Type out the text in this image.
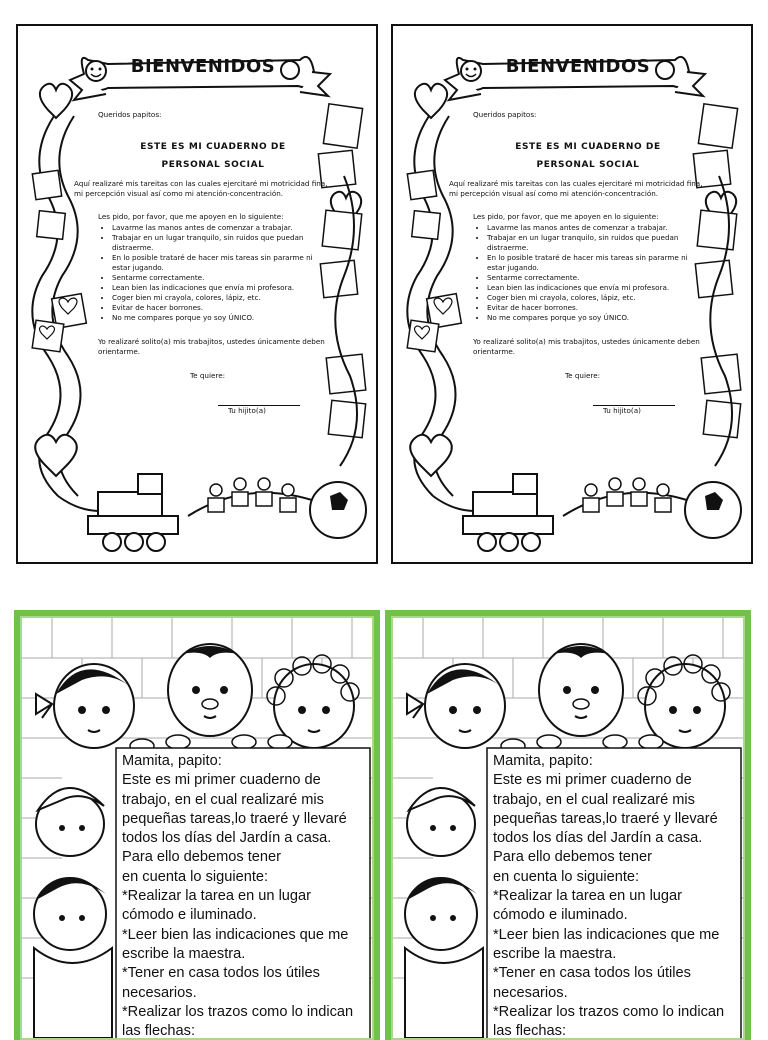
BIENVENIDOS
Queridos papitos:
ESTE ES MI CUADERNO DE
PERSONAL SOCIAL
Aquí realizaré mis tareitas con las cuales ejercitaré mi motricidad fina, mi percepción visual así como mi atención-concentración.
Les pido, por favor, que me apoyen en lo siguiente:
• Lavarme las manos antes de comenzar a trabajar.
• Trabajar en un lugar tranquilo, sin ruidos que puedan distraerme.
• En lo posible trataré de hacer mis tareas sin pararme ni estar jugando.
• Sentarme correctamente.
• Lean bien las indicaciones que envía mi profesora.
• Coger bien mi crayola, colores, lápiz, etc.
• Evitar de hacer borrones.
• No me compares porque yo soy ÚNICO.
Yo realizaré solito(a) mis trabajitos, ustedes únicamente deben orientarme.
Te quiere:
Tu hijito(a)
BIENVENIDOS
Queridos papitos:
ESTE ES MI CUADERNO DE
PERSONAL SOCIAL
Aquí realizaré mis tareitas con las cuales ejercitaré mi motricidad fina, mi percepción visual así como mi atención-concentración.
Les pido, por favor, que me apoyen en lo siguiente:
• Lavarme las manos antes de comenzar a trabajar.
• Trabajar en un lugar tranquilo, sin ruidos que puedan distraerme.
• En lo posible trataré de hacer mis tareas sin pararme ni estar jugando.
• Sentarme correctamente.
• Lean bien las indicaciones que envía mi profesora.
• Coger bien mi crayola, colores, lápiz, etc.
• Evitar de hacer borrones.
• No me compares porque yo soy ÚNICO.
Yo realizaré solito(a) mis trabajitos, ustedes únicamente deben orientarme.
Te quiere:
Tu hijito(a)

Mamita, papito:

Este es mi primer cuaderno de

trabajo, en el cual realizaré mis

pequeñas tareas,lo traeré y llevaré

todos los días del Jardín a casa.

Para ello debemos tener

en cuenta lo siguiente:

*Realizar la tarea en un lugar

cómodo e iluminado.

*Leer bien las indicaciones que me

escribe la maestra.

*Tener en casa todos los útiles

necesarios.

*Realizar los trazos como lo indican

las flechas:

Mamita, papito:

Este es mi primer cuaderno de

trabajo, en el cual realizaré mis

pequeñas tareas,lo traeré y llevaré

todos los días del Jardín a casa.

Para ello debemos tener

en cuenta lo siguiente:

*Realizar la tarea en un lugar

cómodo e iluminado.

*Leer bien las indicaciones que me

escribe la maestra.

*Tener en casa todos los útiles

necesarios.

*Realizar los trazos como lo indican

las flechas:
